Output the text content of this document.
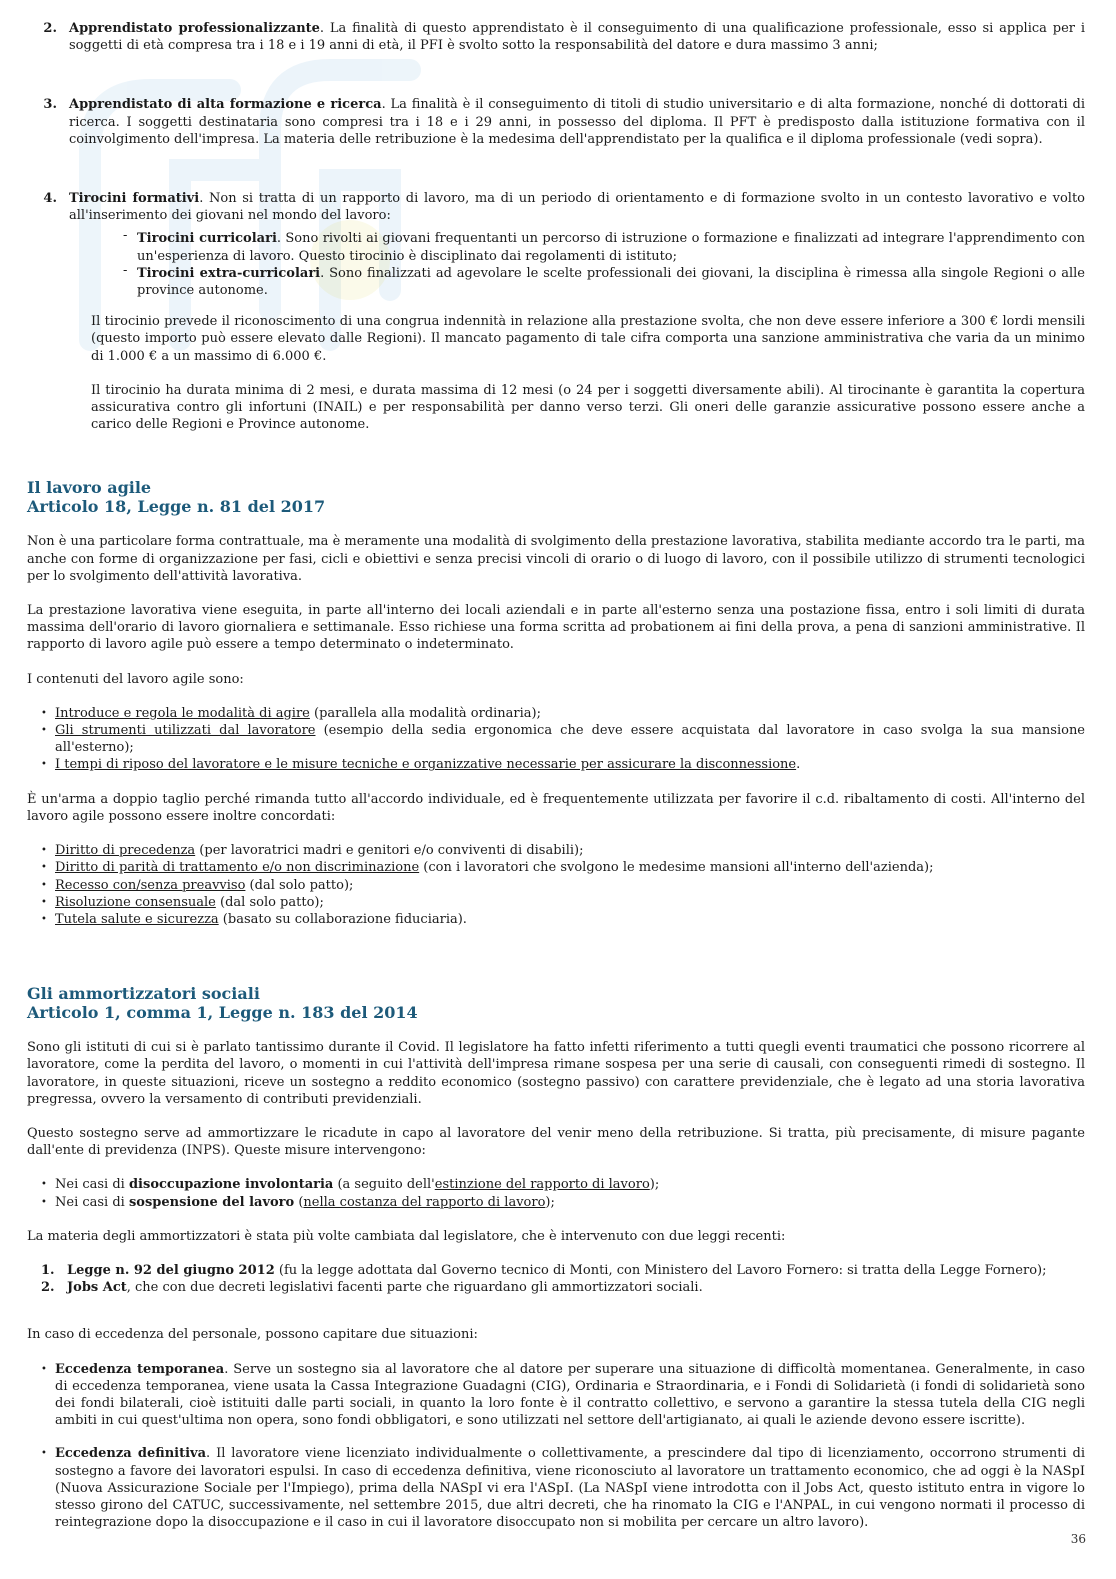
2. Apprendistato professionalizzante. La finalità di questo apprendistato è il conseguimento di una qualificazione professionale, esso si applica per i soggetti di età compresa tra i 18 e i 19 anni di età, il PFI è svolto sotto la responsabilità del datore e dura massimo 3 anni;
3. Apprendistato di alta formazione e ricerca. La finalità è il conseguimento di titoli di studio universitario e di alta formazione, nonché di dottorati di ricerca. I soggetti destinataria sono compresi tra i 18 e i 29 anni, in possesso del diploma. Il PFT è predisposto dalla istituzione formativa con il coinvolgimento dell'impresa. La materia delle retribuzione è la medesima dell'apprendistato per la qualifica e il diploma professionale (vedi sopra).
4. Tirocini formativi. Non si tratta di un rapporto di lavoro, ma di un periodo di orientamento e di formazione svolto in un contesto lavorativo e volto all'inserimento dei giovani nel mondo del lavoro:
- Tirocini curricolari. Sono rivolti ai giovani frequentanti un percorso di istruzione o formazione e finalizzati ad integrare l'apprendimento con un'esperienza di lavoro. Questo tirocinio è disciplinato dai regolamenti di istituto;
- Tirocini extra-curricolari. Sono finalizzati ad agevolare le scelte professionali dei giovani, la disciplina è rimessa alla singole Regioni o alle province autonome.

Il tirocinio prevede il riconoscimento di una congrua indennità in relazione alla prestazione svolta, che non deve essere inferiore a 300 € lordi mensili (questo importo può essere elevato dalle Regioni). Il mancato pagamento di tale cifra comporta una sanzione amministrativa che varia da un minimo di 1.000 € a un massimo di 6.000 €.

Il tirocinio ha durata minima di 2 mesi, e durata massima di 12 mesi (o 24 per i soggetti diversamente abili). Al tirocinante è garantita la copertura assicurativa contro gli infortuni (INAIL) e per responsabilità per danno verso terzi. Gli oneri delle garanzie assicurative possono essere anche a carico delle Regioni e Province autonome.

Il lavoro agile
Articolo 18, Legge n. 81 del 2017

Non è una particolare forma contrattuale, ma è meramente una modalità di svolgimento della prestazione lavorativa, stabilita mediante accordo tra le parti, ma anche con forme di organizzazione per fasi, cicli e obiettivi e senza precisi vincoli di orario o di luogo di lavoro, con il possibile utilizzo di strumenti tecnologici per lo svolgimento dell'attività lavorativa.

La prestazione lavorativa viene eseguita, in parte all'interno dei locali aziendali e in parte all'esterno senza una postazione fissa, entro i soli limiti di durata massima dell'orario di lavoro giornaliera e settimanale. Esso richiese una forma scritta ad probationem ai fini della prova, a pena di sanzioni amministrative. Il rapporto di lavoro agile può essere a tempo determinato o indeterminato.

I contenuti del lavoro agile sono:

• Introduce e regola le modalità di agire (parallela alla modalità ordinaria);
• Gli strumenti utilizzati dal lavoratore (esempio della sedia ergonomica che deve essere acquistata dal lavoratore in caso svolga la sua mansione all'esterno);
• I tempi di riposo del lavoratore e le misure tecniche e organizzative necessarie per assicurare la disconnessione.

È un'arma a doppio taglio perché rimanda tutto all'accordo individuale, ed è frequentemente utilizzata per favorire il c.d. ribaltamento di costi. All'interno del lavoro agile possono essere inoltre concordati:

• Diritto di precedenza (per lavoratrici madri e genitori e/o conviventi di disabili);
• Diritto di parità di trattamento e/o non discriminazione (con i lavoratori che svolgono le medesime mansioni all'interno dell'azienda);
• Recesso con/senza preavviso (dal solo patto);
• Risoluzione consensuale (dal solo patto);
• Tutela salute e sicurezza (basato su collaborazione fiduciaria).
Gli ammortizzatori sociali
Articolo 1, comma 1, Legge n. 183 del 2014

Sono gli istituti di cui si è parlato tantissimo durante il Covid. Il legislatore ha fatto infetti riferimento a tutti quegli eventi traumatici che possono ricorrere al lavoratore, come la perdita del lavoro, o momenti in cui l'attività dell'impresa rimane sospesa per una serie di causali, con conseguenti rimedi di sostegno. Il lavoratore, in queste situazioni, riceve un sostegno a reddito economico (sostegno passivo) con carattere previdenziale, che è legato ad una storia lavorativa pregressa, ovvero la versamento di contributi previdenziali.

Questo sostegno serve ad ammortizzare le ricadute in capo al lavoratore del venir meno della retribuzione. Si tratta, più precisamente, di misure pagante dall'ente di previdenza (INPS). Queste misure intervengono:

• Nei casi di disoccupazione involontaria (a seguito dell'estinzione del rapporto di lavoro);
• Nei casi di sospensione del lavoro (nella costanza del rapporto di lavoro);

La materia degli ammortizzatori è stata più volte cambiata dal legislatore, che è intervenuto con due leggi recenti:

1. Legge n. 92 del giugno 2012 (fu la legge adottata dal Governo tecnico di Monti, con Ministero del Lavoro Fornero: si tratta della Legge Fornero);
2. Jobs Act, che con due decreti legislativi facenti parte che riguardano gli ammortizzatori sociali.

In caso di eccedenza del personale, possono capitare due situazioni:

• Eccedenza temporanea. Serve un sostegno sia al lavoratore che al datore per superare una situazione di difficoltà momentanea. Generalmente, in caso di eccedenza temporanea, viene usata la Cassa Integrazione Guadagni (CIG), Ordinaria e Straordinaria, e i Fondi di Solidarietà (i fondi di solidarietà sono dei fondi bilaterali, cioè istituiti dalle parti sociali, in quanto la loro fonte è il contratto collettivo, e servono a garantire la stessa tutela della CIG negli ambiti in cui quest'ultima non opera, sono fondi obbligatori, e sono utilizzati nel settore dell'artigianato, ai quali le aziende devono essere iscritte).
• Eccedenza definitiva. Il lavoratore viene licenziato individualmente o collettivamente, a prescindere dal tipo di licenziamento, occorrono strumenti di sostegno a favore dei lavoratori espulsi. In caso di eccedenza definitiva, viene riconosciuto al lavoratore un trattamento economico, che ad oggi è la NASpI (Nuova Assicurazione Sociale per l'Impiego), prima della NASpI vi era l'ASpI. (La NASpI viene introdotta con il Jobs Act, questo istituto entra in vigore lo stesso girono del CATUC, successivamente, nel settembre 2015, due altri decreti, che ha rinomato la CIG e l'ANPAL, in cui vengono normati il processo di reintegrazione dopo la disoccupazione e il caso in cui il lavoratore disoccupato non si mobilita per cercare un altro lavoro).
36
